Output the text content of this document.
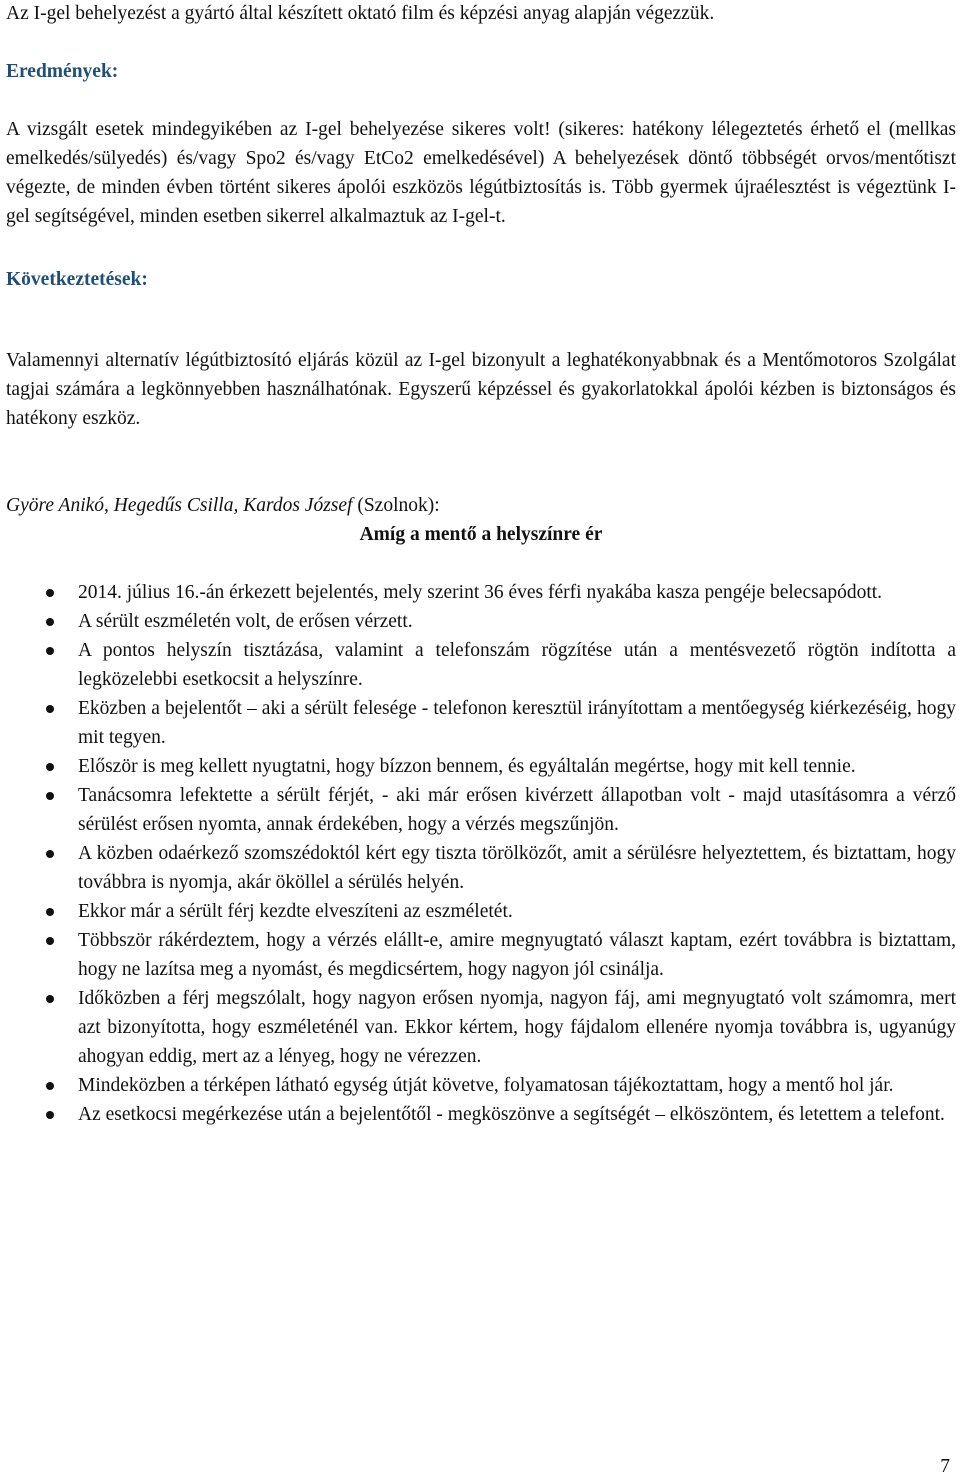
Az I-gel behelyezést a gyártó által készített oktató film és képzési anyag alapján végezzük.

Eredmények:

A vizsgált esetek mindegyikében az I-gel behelyezése sikeres volt! (sikeres: hatékony lélegeztetés érhető el (mellkas emelkedés/sülyedés) és/vagy Spo2 és/vagy EtCo2 emelkedésével) A behelyezések döntő többségét orvos/mentőtiszt végezte, de minden évben történt sikeres ápolói eszközös légútbiztosítás is. Több gyermek újraélesztést is végeztünk I-gel segítségével, minden esetben sikerrel alkalmaztuk az I-gel-t.

Következtetések:

Valamennyi alternatív légútbiztosító eljárás közül az I-gel bizonyult a leghatékonyabbnak és a Mentőmotoros Szolgálat tagjai számára a legkönnyebben használhatónak. Egyszerű képzéssel és gyakorlatokkal ápolói kézben is biztonságos és hatékony eszköz.

Györe Anikó, Hegedűs Csilla, Kardos József (Szolnok):
Amíg a mentő a helyszínre ér
2014. július 16.-án érkezett bejelentés, mely szerint 36 éves férfi nyakába kasza pengéje belecsapódott.
A sérült eszméletén volt, de erősen vérzett.
A pontos helyszín tisztázása, valamint a telefonszám rögzítése után a mentésvezető rögtön indította a legközelebbi esetkocsit a helyszínre.
Eközben a bejelentőt – aki a sérült felesége - telefonon keresztül irányítottam a mentőegység kiérkezéséig, hogy mit tegyen.
Először is meg kellett nyugtatni, hogy bízzon bennem, és egyáltalán megértse, hogy mit kell tennie.
Tanácsomra lefektette a sérült férjét, - aki már erősen kivérzett állapotban volt - majd utasításomra a vérző sérülést erősen nyomta, annak érdekében, hogy a vérzés megszűnjön.
A közben odaérkező szomszédoktól kért egy tiszta törölközőt, amit a sérülésre helyeztettem, és biztattam, hogy továbbra is nyomja, akár ököllel a sérülés helyén.
Ekkor már a sérült férj kezdte elveszíteni az eszméletét.
Többször rákérdeztem, hogy a vérzés elállt-e, amire megnyugtató választ kaptam, ezért továbbra is biztattam, hogy ne lazítsa meg a nyomást, és megdicsértem, hogy nagyon jól csinálja.
Időközben a férj megszólalt, hogy nagyon erősen nyomja, nagyon fáj, ami megnyugtató volt számomra, mert azt bizonyította, hogy eszméleténél van. Ekkor kértem, hogy fájdalom ellenére nyomja továbbra is, ugyanúgy ahogyan eddig, mert az a lényeg, hogy ne vérezzen.
Mindeközben a térképen látható egység útját követve, folyamatosan tájékoztattam, hogy a mentő hol jár.
Az esetkocsi megérkezése után a bejelentőtől - megköszönve a segítségét – elköszöntem, és letettem a telefont.
7
